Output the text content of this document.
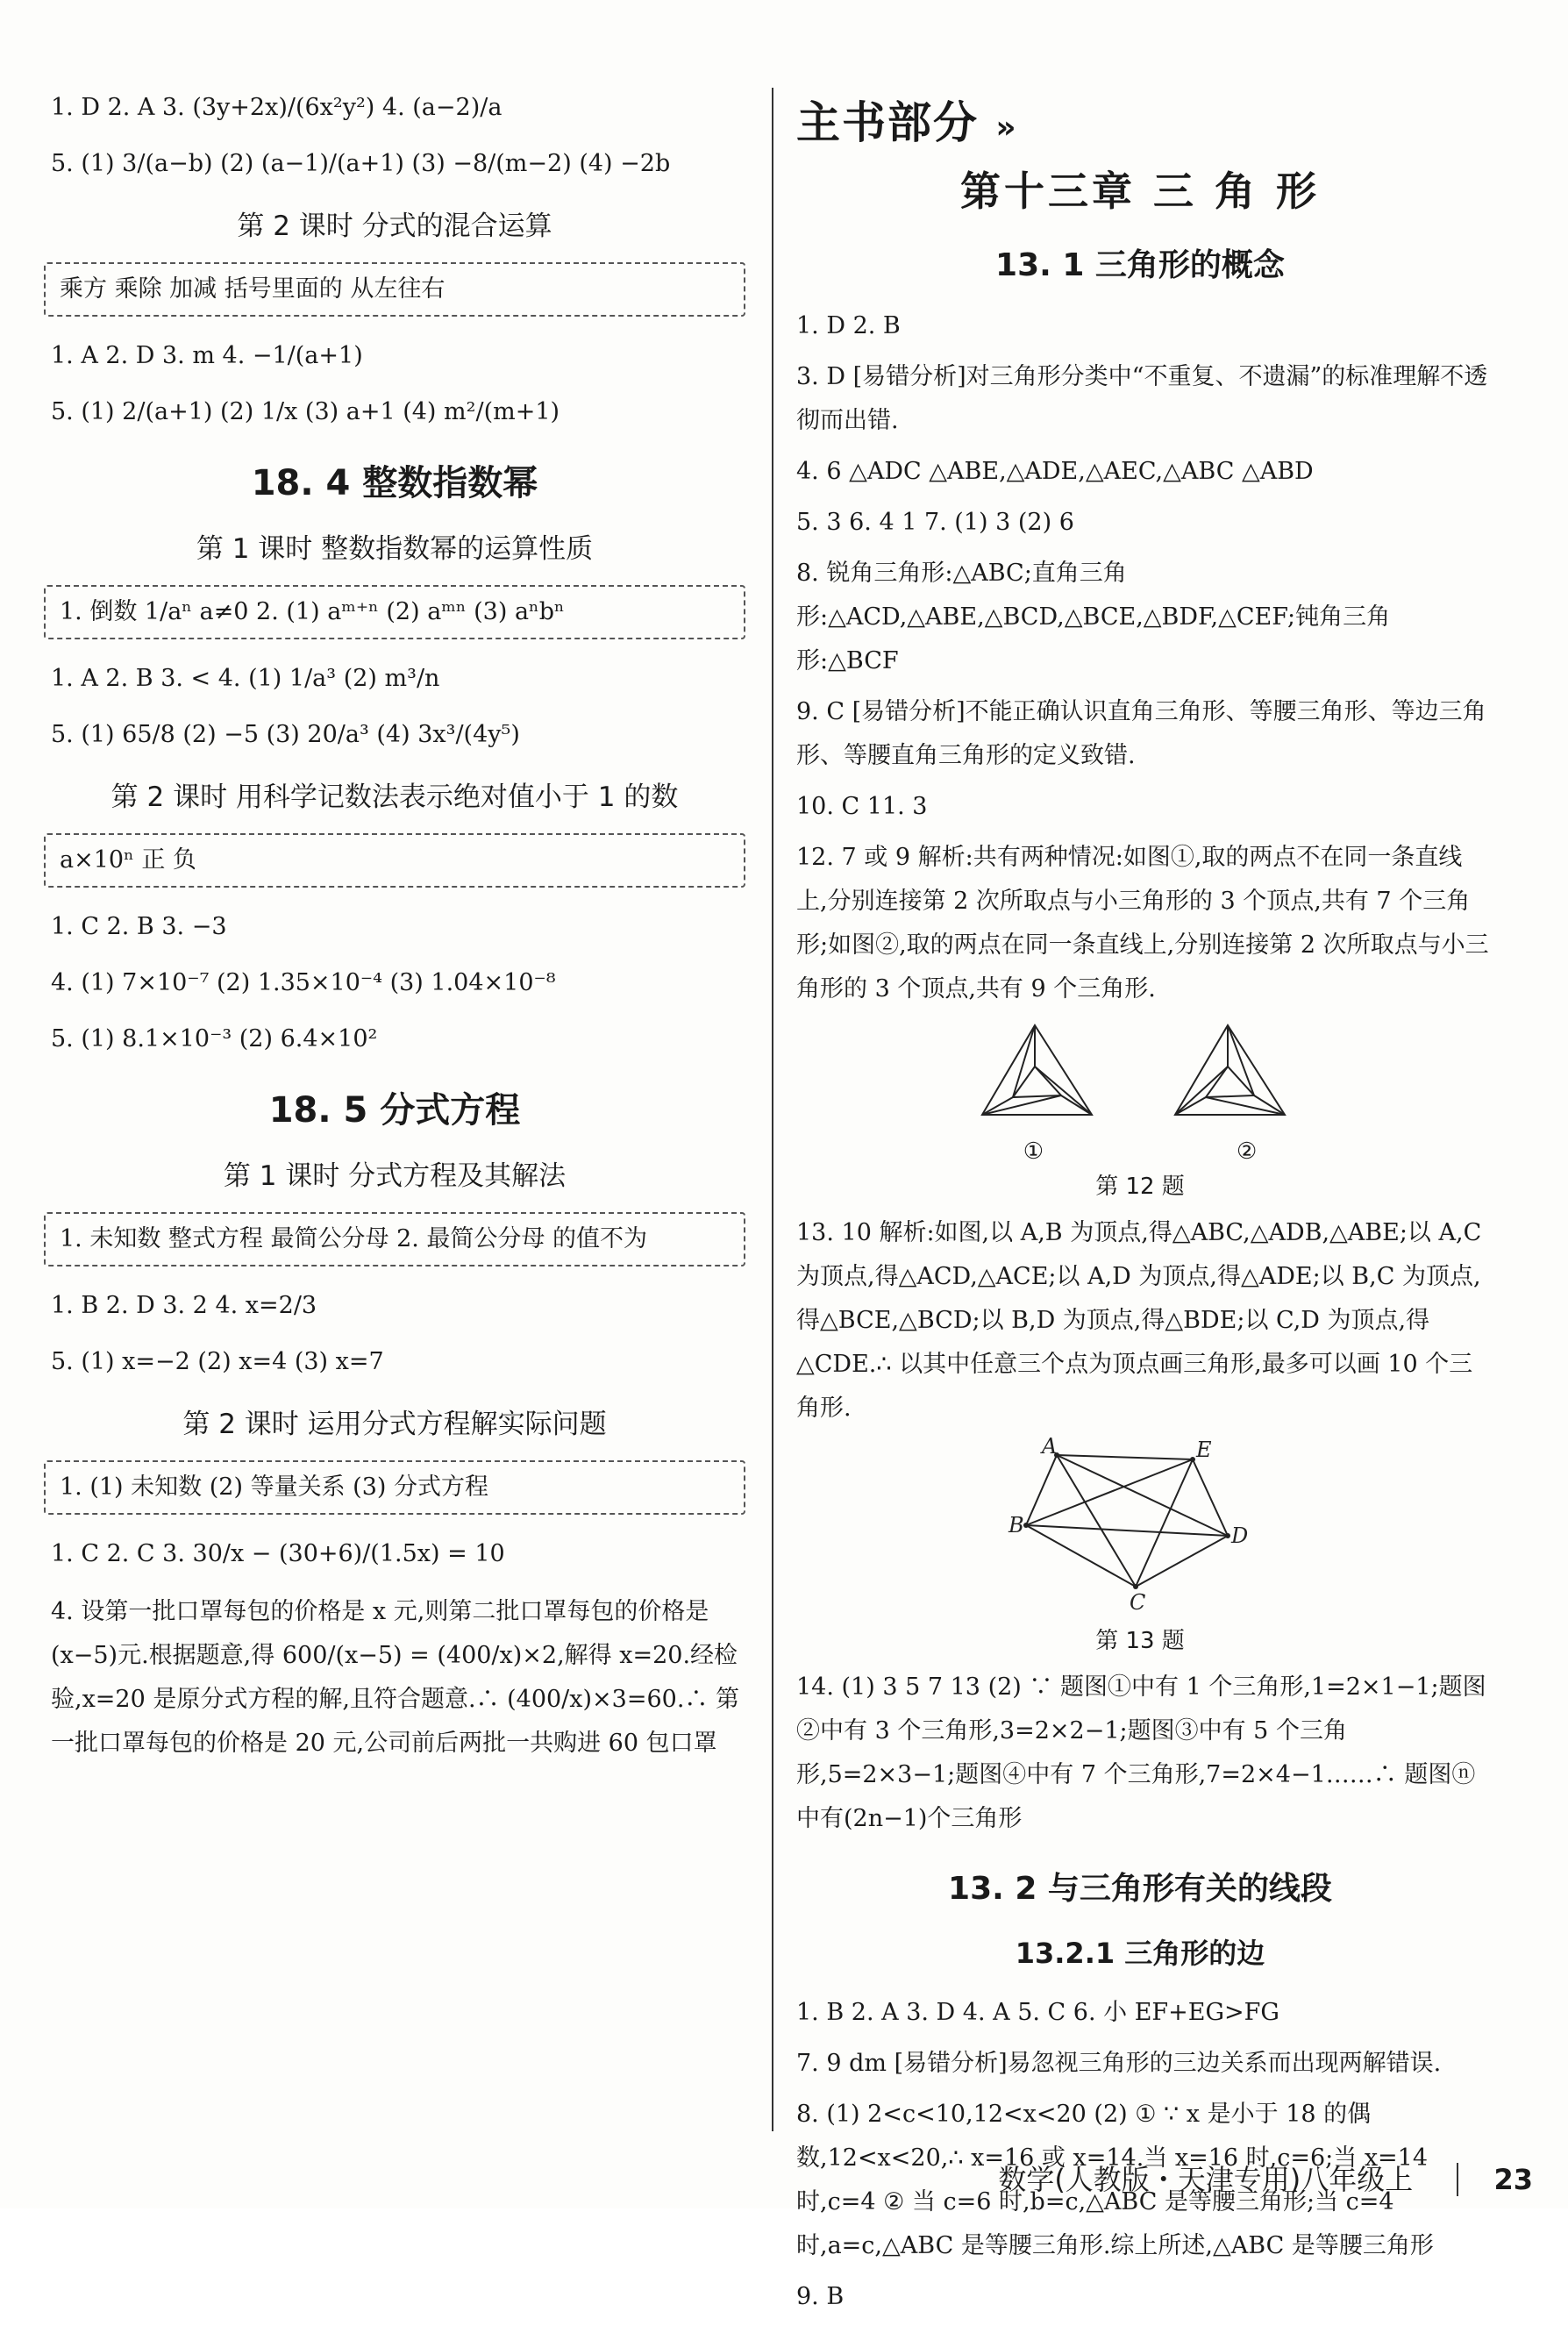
1. D 2. A 3. (3y+2x)/(6x²y²) 4. (a−2)/a
5. (1) 3/(a−b) (2) (a−1)/(a+1) (3) −8/(m−2) (4) −2b
第 2 课时 分式的混合运算
乘方 乘除 加减 括号里面的 从左往右
1. A 2. D 3. m 4. −1/(a+1)
5. (1) 2/(a+1) (2) 1/x (3) a+1 (4) m²/(m+1)
18. 4 整数指数幂
第 1 课时 整数指数幂的运算性质
1. 倒数 1/aⁿ a≠0 2. (1) aᵐ⁺ⁿ (2) aᵐⁿ (3) aⁿbⁿ
1. A 2. B 3. < 4. (1) 1/a³ (2) m³/n
5. (1) 65/8 (2) −5 (3) 20/a³ (4) 3x³/(4y⁵)
第 2 课时 用科学记数法表示绝对值小于 1 的数
a×10ⁿ 正 负
1. C 2. B 3. −3
4. (1) 7×10⁻⁷ (2) 1.35×10⁻⁴ (3) 1.04×10⁻⁸
5. (1) 8.1×10⁻³ (2) 6.4×10²
18. 5 分式方程
第 1 课时 分式方程及其解法
1. 未知数 整式方程 最简公分母 2. 最简公分母 的值不为
1. B 2. D 3. 2 4. x=2/3
5. (1) x=−2 (2) x=4 (3) x=7
第 2 课时 运用分式方程解实际问题
1. (1) 未知数 (2) 等量关系 (3) 分式方程
1. C 2. C 3. 30/x − (30+6)/(1.5x) = 10
4. 设第一批口罩每包的价格是 x 元,则第二批口罩每包的价格是(x−5)元.根据题意,得 600/(x−5) = (400/x)×2,解得 x=20.经检验,x=20 是原分式方程的解,且符合题意.∴ (400/x)×3=60.∴ 第一批口罩每包的价格是 20 元,公司前后两批一共购进 60 包口罩
主书部分 »
第十三章 三 角 形
13. 1 三角形的概念
1. D 2. B
3. D [易错分析]对三角形分类中“不重复、不遗漏”的标准理解不透彻而出错.
4. 6 △ADC △ABE,△ADE,△AEC,△ABC △ABD
5. 3 6. 4 1 7. (1) 3 (2) 6
8. 锐角三角形:△ABC;直角三角形:△ACD,△ABE,△BCD,△BCE,△BDF,△CEF;钝角三角形:△BCF
9. C [易错分析]不能正确认识直角三角形、等腰三角形、等边三角形、等腰直角三角形的定义致错.
10. C 11. 3
12. 7 或 9 解析:共有两种情况:如图①,取的两点不在同一条直线上,分别连接第 2 次所取点与小三角形的 3 个顶点,共有 7 个三角形;如图②,取的两点在同一条直线上,分别连接第 2 次所取点与小三角形的 3 个顶点,共有 9 个三角形.
①	②
第 12 题
13. 10 解析:如图,以 A,B 为顶点,得△ABC,△ADB,△ABE;以 A,C 为顶点,得△ACD,△ACE;以 A,D 为顶点,得△ADE;以 B,C 为顶点,得△BCE,△BCD;以 B,D 为顶点,得△BDE;以 C,D 为顶点,得△CDE.∴ 以其中任意三个点为顶点画三角形,最多可以画 10 个三角形.
A	E
B	D
C
第 13 题
14. (1) 3 5 7 13 (2) ∵ 题图①中有 1 个三角形,1=2×1−1;题图②中有 3 个三角形,3=2×2−1;题图③中有 5 个三角形,5=2×3−1;题图④中有 7 个三角形,7=2×4−1……∴ 题图ⓝ中有(2n−1)个三角形
13. 2 与三角形有关的线段
13.2.1 三角形的边
1. B 2. A 3. D 4. A 5. C 6. 小 EF+EG>FG
7. 9 dm [易错分析]易忽视三角形的三边关系而出现两解错误.
8. (1) 2<c<10,12<x<20 (2) ① ∵ x 是小于 18 的偶数,12<x<20,∴ x=16 或 x=14.当 x=16 时,c=6;当 x=14 时,c=4 ② 当 c=6 时,b=c,△ABC 是等腰三角形;当 c=4 时,a=c,△ABC 是等腰三角形.综上所述,△ABC 是等腰三角形
9. B
数学(人教版・天津专用)八年级上	23
